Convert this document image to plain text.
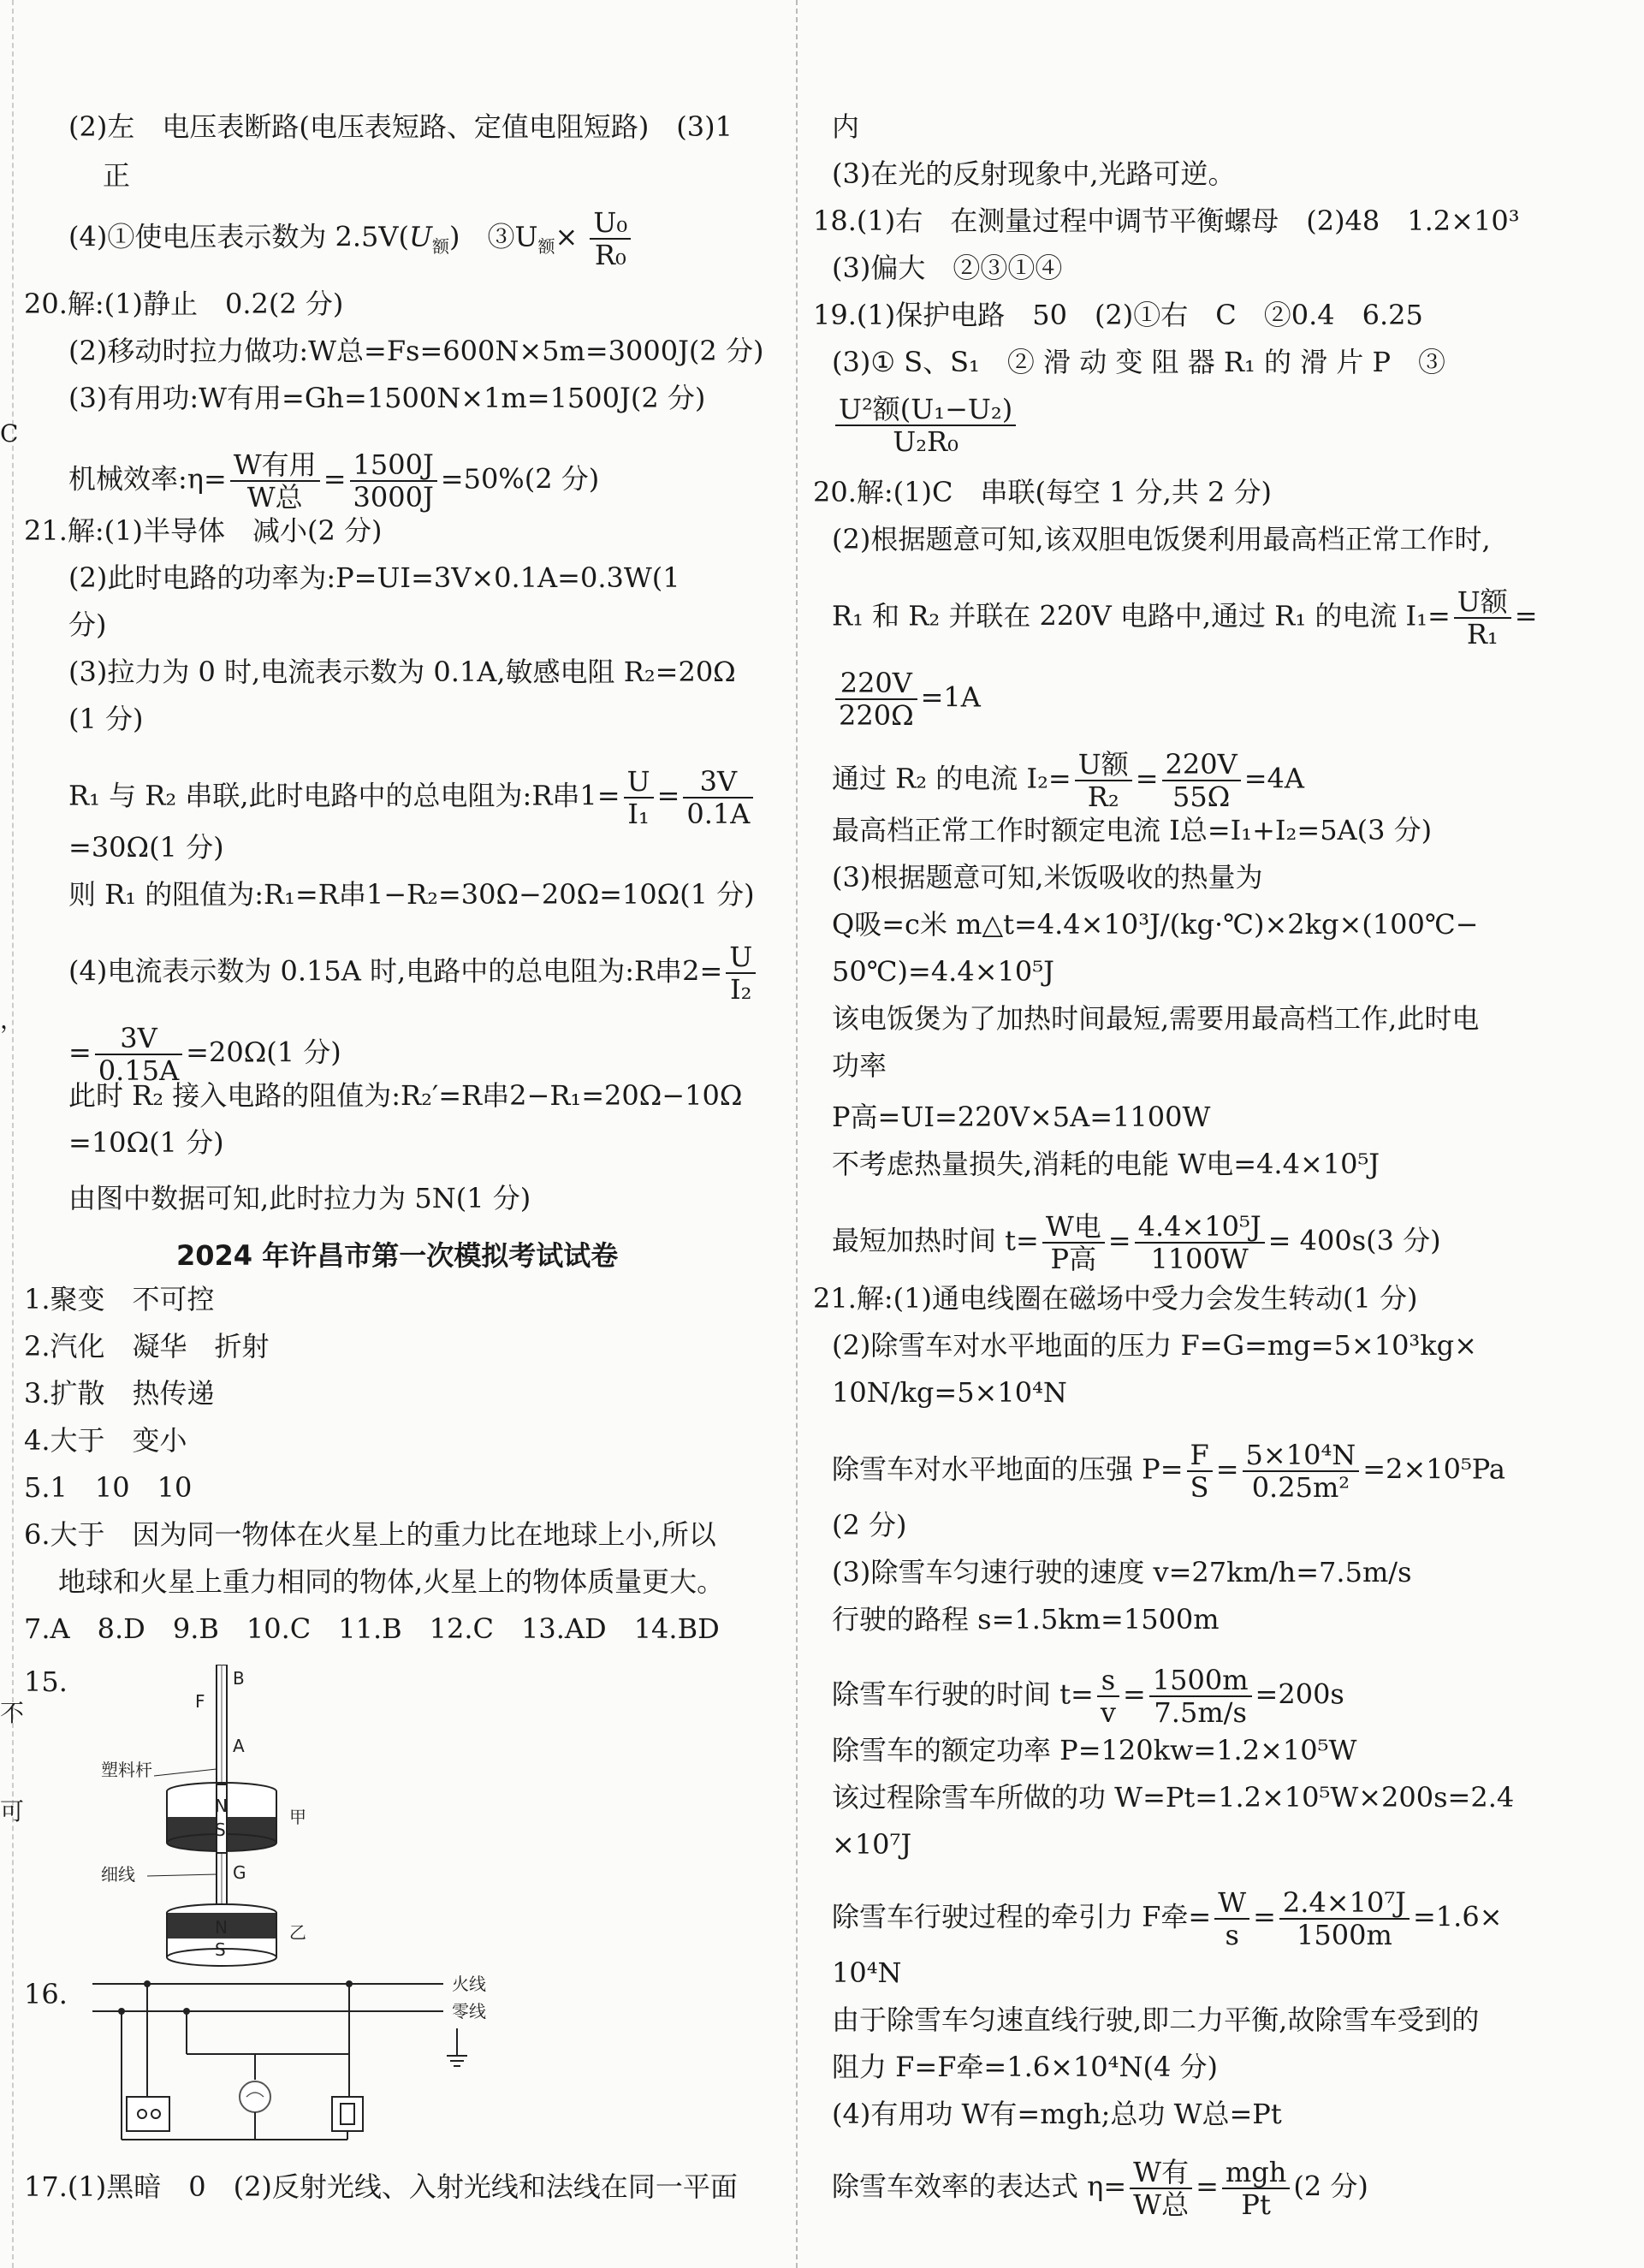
C
，
不
可
(2)左　电压表断路(电压表短路、定值电阻短路)　(3)1
正
(4)①使电压表示数为 $2.5V(U_额)$　$③U_额\times \frac{\text{U₀}}{\text{R₀}}$
20.解:(1)静止　0.2(2 分)
(2)移动时拉力做功:W总=Fs=600N×5m=3000J(2 分)
(3)有用功:W有用=Gh=1500N×1m=1500J(2 分)
机械效率:η= $\frac{\text{W有用}}{\text{W总}} = \frac{1500J}{3000J} =50\%(2$ 分)
21.解:(1)半导体　减小(2 分)
(2)此时电路的功率为:P=UI=3V×0.1A=0.3W(1
分)
(3)拉力为 0 时,电流表示数为 0.1A,敏感电阻 R₂=20Ω
(1 分)
R₁ 与 R₂ 串联,此时电路中的总电阻为:R串$1= \frac{U}{\text{I₁}} = \frac{3V}{0.1A}$
=30Ω(1 分)
则 R₁ 的阻值为:R₁=R串1−R₂=30Ω−20Ω=10Ω(1 分)
(4)电流表示数为 0.15A 时,电路中的总电阻为:R串$2= \frac{U}{\text{I₂}}$
= $\frac{3V}{0.15A} =20\Omega(1$ 分)
此时 R₂ 接入电路的阻值为:R₂′=R串2−R₁=20Ω−10Ω
=10Ω(1 分)
由图中数据可知,此时拉力为 5N(1 分)
2024 年许昌市第一次模拟考试试卷
1.聚变　不可控
2.汽化　凝华　折射
3.扩散　热传递
4.大于　变小
5.1　10　10
6.大于　因为同一物体在火星上的重力比在地球上小,所以
地球和火星上重力相同的物体,火星上的物体质量更大。
7.A　8.D　9.B　10.C　11.B　12.C　13.AD　14.BD
15.	B
F
A
塑料杆
N
S
甲
G
细线
N
S
乙
16.	火线
零线
17.(1)黑暗　0　(2)反射光线、入射光线和法线在同一平面
内
(3)在光的反射现象中,光路可逆。
18.(1)右　在测量过程中调节平衡螺母　(2)48　1.2×10³
(3)偏大　②③①④
19.(1)保护电路　50　(2)①右　C　②0.4　6.25
(3)① S、S₁　② 滑 动 变 阻 器 R₁ 的 滑 片 P　③
$\frac{\text{U²额(U₁−U₂)}}{\text{U₂R₀}}$
20.解:(1)C　串联(每空 1 分,共 2 分)
(2)根据题意可知,该双胆电饭煲利用最高档正常工作时,
R₁ 和 R₂ 并联在 220V 电路中,通过 R₁ 的电流 $I_1= \frac{\text{U额}}{\text{R₁}}$ =
$\frac{220V}{220\Omega} =1A$
通过 R₂ 的电流 $I_2= \frac{\text{U额}}{\text{R₂}} = \frac{220V}{55\Omega} =4A$
最高档正常工作时额定电流 I总=I₁+I₂=5A(3 分)
(3)根据题意可知,米饭吸收的热量为
Q吸=c米 m△t=4.4×10³J/(kg·℃)×2kg×(100℃−
50℃)=4.4×10⁵J
该电饭煲为了加热时间最短,需要用最高档工作,此时电
功率
P高=UI=220V×5A=1100W
不考虑热量损失,消耗的电能 W电=4.4×10⁵J
最短加热时间 $t= \frac{\text{W电}}{\text{P高}} = \frac{\text{4.4×10⁵J}}{1100W} = 400s(3$ 分)
21.解:(1)通电线圈在磁场中受力会发生转动(1 分)
(2)除雪车对水平地面的压力 F=G=mg=5×10³kg×
10N/kg=5×10⁴N
除雪车对水平地面的压强 $P= \frac{F}{S} = \frac{\text{5×10⁴N}}{\text{0.25m²}} =2\times 10^5Pa$
(2 分)
(3)除雪车匀速行驶的速度 v=27km/h=7.5m/s
行驶的路程 s=1.5km=1500m
除雪车行驶的时间 $t= \frac{s}{v} = \frac{1500m}{7.5m/s} =200s$
除雪车的额定功率 P=120kw=1.2×10⁵W
该过程除雪车所做的功 W=Pt=1.2×10⁵W×200s=2.4
×10⁷J
除雪车行驶过程的牵引力 F牵= $\frac{W}{s} = \frac{\text{2.4×10⁷J}}{1500m} =1.6\times$
10⁴N
由于除雪车匀速直线行驶,即二力平衡,故除雪车受到的
阻力 F=F牵=1.6×10⁴N(4 分)
(4)有用功 W有=mgh;总功 W总=Pt
除雪车效率的表达式 $\eta= \frac{\text{W有}}{\text{W总}} = \frac{\text{mgh}}{Pt} (2$ 分)
